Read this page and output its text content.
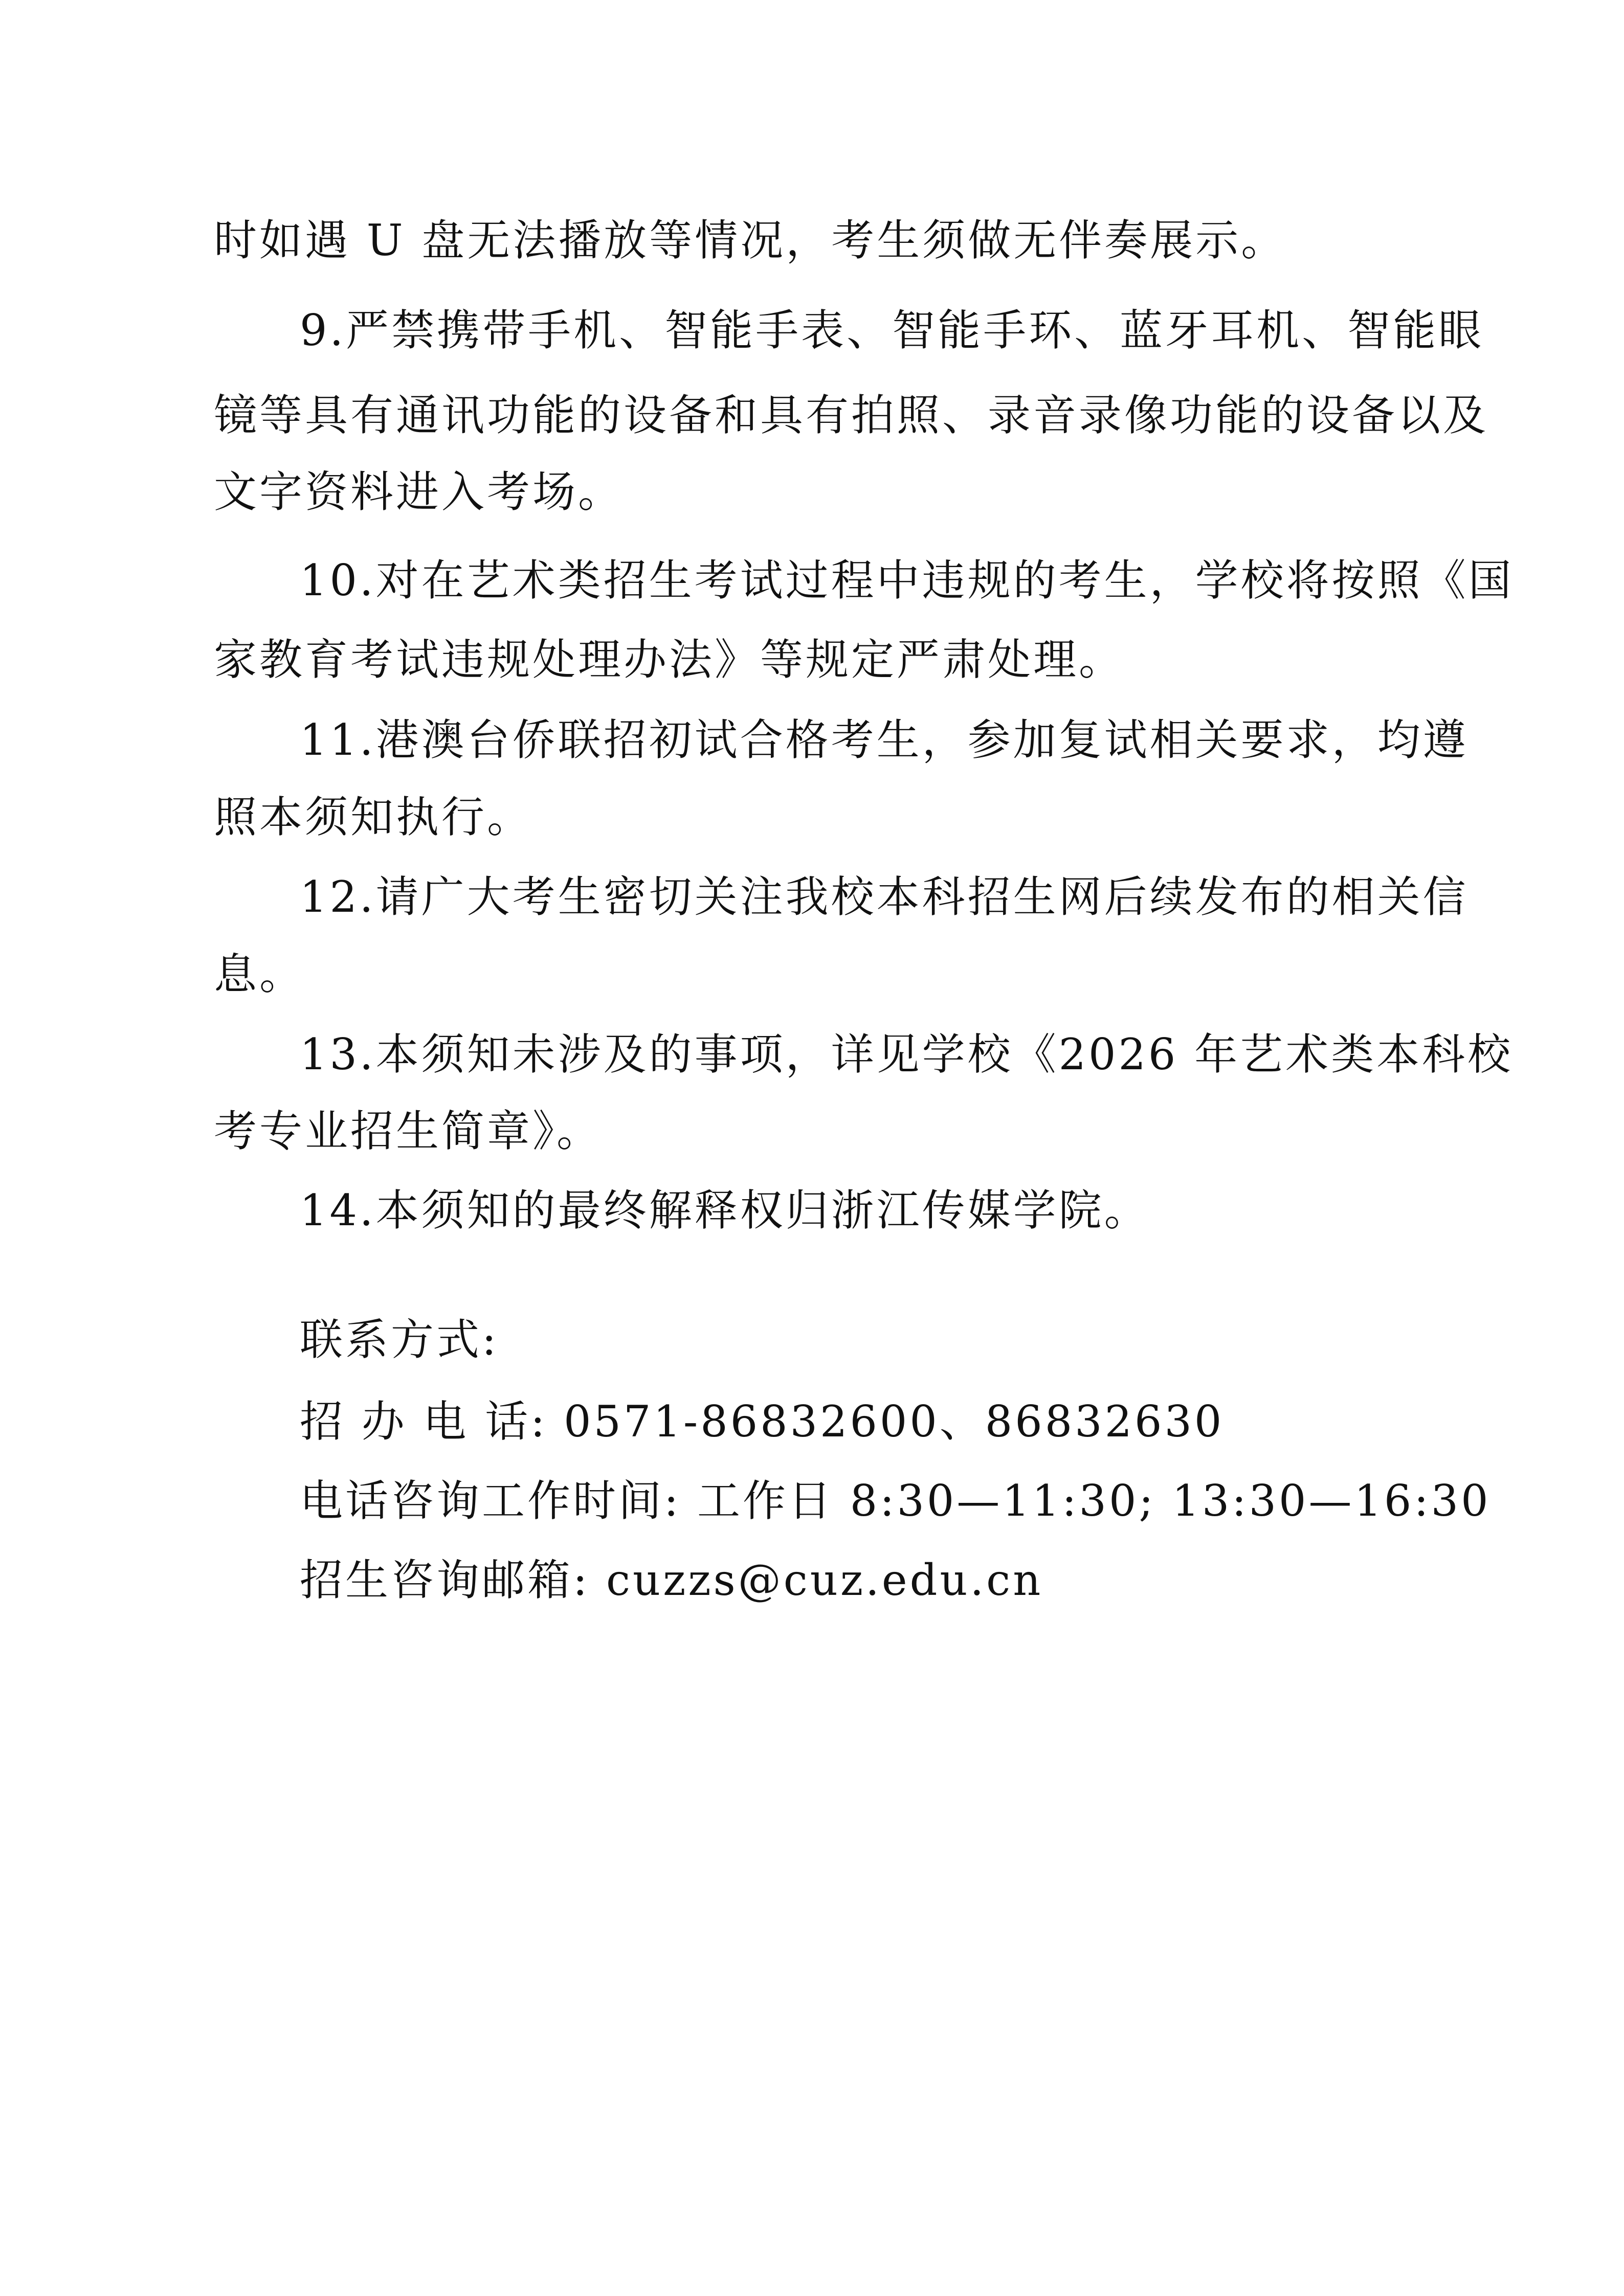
时如遇 U 盘无法播放等情况，考生须做无伴奏展示。
9.严禁携带手机、智能手表、智能手环、蓝牙耳机、智能眼
镜等具有通讯功能的设备和具有拍照、录音录像功能的设备以及
文字资料进入考场。
10.对在艺术类招生考试过程中违规的考生，学校将按照《国
家教育考试违规处理办法》等规定严肃处理。
11.港澳台侨联招初试合格考生，参加复试相关要求，均遵
照本须知执行。
12.请广大考生密切关注我校本科招生网后续发布的相关信
息。
13.本须知未涉及的事项，详见学校《2026 年艺术类本科校
考专业招生简章》。
14.本须知的最终解释权归浙江传媒学院。
联系方式:
招 办 电 话: 0571-86832600、86832630
电话咨询工作时间: 工作日 8:30—11:30; 13:30—16:30
招生咨询邮箱: cuzzs@cuz.edu.cn
